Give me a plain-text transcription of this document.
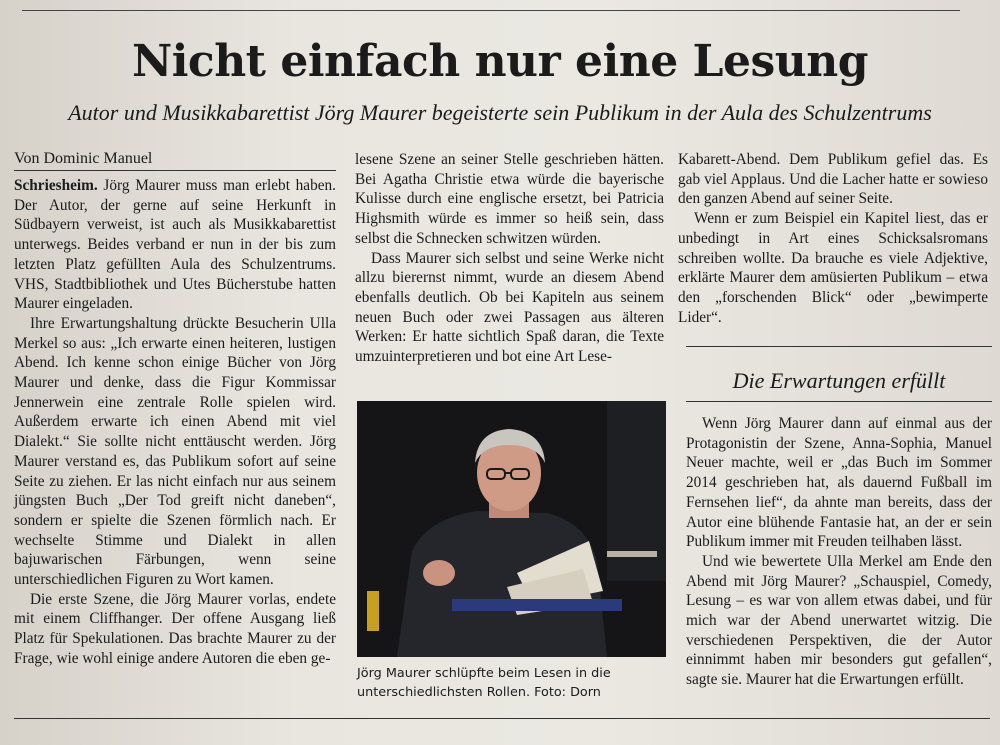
Nicht einfach nur eine Lesung

Autor und Musikkabarettist Jörg Maurer begeisterte sein Publikum in der Aula des Schulzentrums

Von Dominic Manuel

Schriesheim. Jörg Maurer muss man erlebt haben. Der Autor, der gerne auf seine Herkunft in Südbayern verweist, ist auch als Musikkabarettist unterwegs. Beides verband er nun in der bis zum letzten Platz gefüllten Aula des Schulzentrums. VHS, Stadtbibliothek und Utes Bücherstube hatten Maurer eingeladen.

Ihre Erwartungshaltung drückte Besucherin Ulla Merkel so aus: „Ich erwarte einen heiteren, lustigen Abend. Ich kenne schon einige Bücher von Jörg Maurer und denke, dass die Figur Kommissar Jennerwein eine zentrale Rolle spielen wird. Außerdem erwarte ich einen Abend mit viel Dialekt.“ Sie sollte nicht enttäuscht werden. Jörg Maurer verstand es, das Publikum sofort auf seine Seite zu ziehen. Er las nicht einfach nur aus seinem jüngsten Buch „Der Tod greift nicht daneben“, sondern er spielte die Szenen förmlich nach. Er wechselte Stimme und Dialekt in allen bajuwarischen Färbungen, wenn seine unterschiedlichen Figuren zu Wort kamen.

Die erste Szene, die Jörg Maurer vorlas, endete mit einem Cliffhanger. Der offene Ausgang ließ Platz für Spekulationen. Das brachte Maurer zu der Frage, wie wohl einige andere Autoren die eben ge-

lesene Szene an seiner Stelle geschrieben hätten. Bei Agatha Christie etwa würde die bayerische Kulisse durch eine englische ersetzt, bei Patricia Highsmith würde es immer so heiß sein, dass selbst die Schnecken schwitzen würden.

Dass Maurer sich selbst und seine Werke nicht allzu bierernst nimmt, wurde an diesem Abend ebenfalls deutlich. Ob bei Kapiteln aus seinem neuen Buch oder zwei Passagen aus älteren Werken: Er hatte sichtlich Spaß daran, die Texte umzuinterpretieren und bot eine Art Lese-

Jörg Maurer schlüpfte beim Lesen in die unterschiedlichsten Rollen. Foto: Dorn

Kabarett-Abend. Dem Publikum gefiel das. Es gab viel Applaus. Und die Lacher hatte er sowieso den ganzen Abend auf seiner Seite.

Wenn er zum Beispiel ein Kapitel liest, das er unbedingt in Art eines Schicksalsromans schreiben wollte. Da brauche es viele Adjektive, erklärte Maurer dem amüsierten Publikum – etwa den „forschenden Blick“ oder „bewimperte Lider“.

Die Erwartungen erfüllt

Wenn Jörg Maurer dann auf einmal aus der Protagonistin der Szene, Anna-Sophia, Manuel Neuer machte, weil er „das Buch im Sommer 2014 geschrieben hat, als dauernd Fußball im Fernsehen lief“, da ahnte man bereits, dass der Autor eine blühende Fantasie hat, an der er sein Publikum immer mit Freuden teilhaben lässt.

Und wie bewertete Ulla Merkel am Ende den Abend mit Jörg Maurer? „Schauspiel, Comedy, Lesung – es war von allem etwas dabei, und für mich war der Abend unerwartet witzig. Die verschiedenen Perspektiven, die der Autor einnimmt haben mir besonders gut gefallen“, sagte sie. Maurer hat die Erwartungen erfüllt.
